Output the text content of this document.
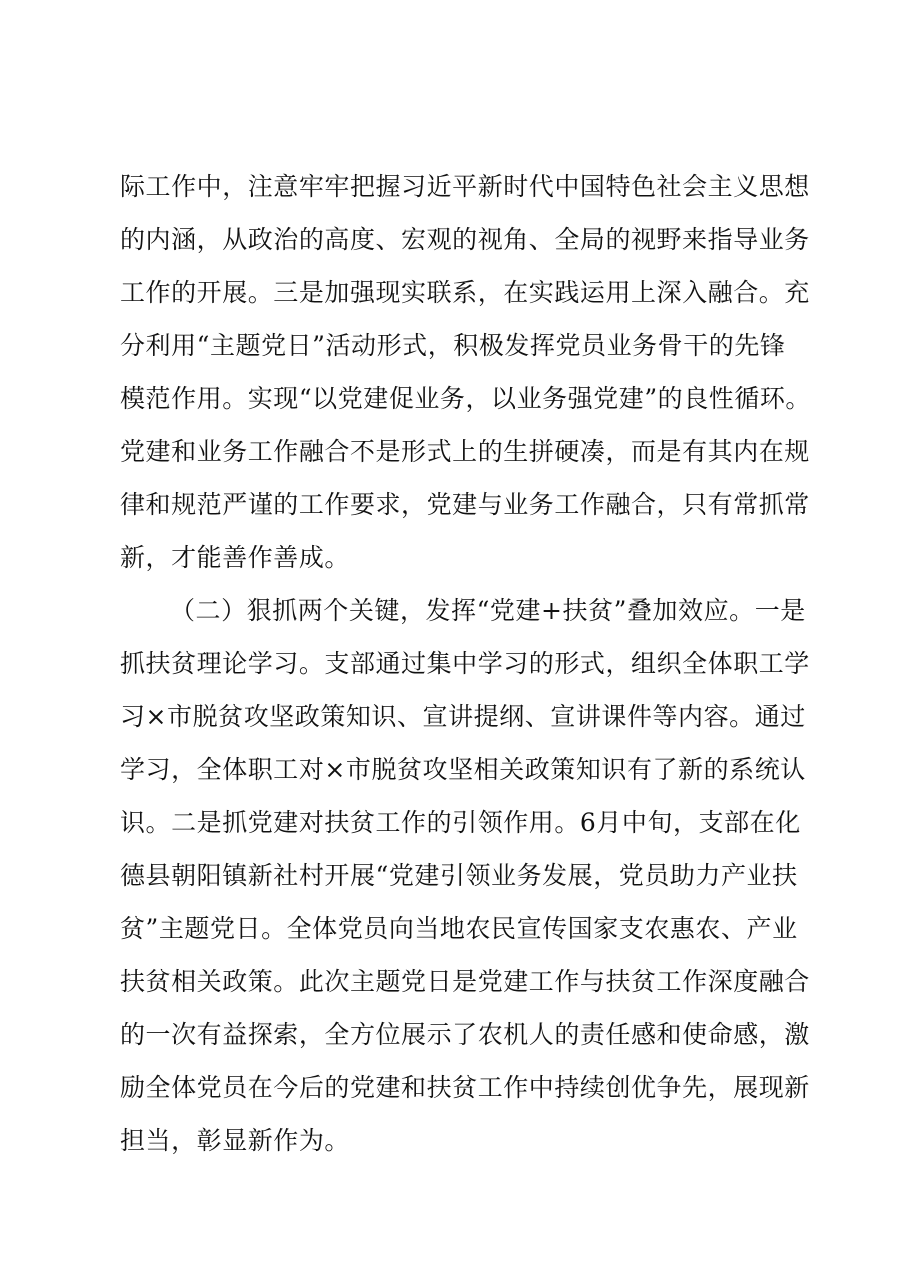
际工作中，注意牢牢把握习近平新时代中国特色社会主义思想
的内涵，从政治的高度、宏观的视角、全局的视野来指导业务
工作的开展。三是加强现实联系，在实践运用上深入融合。充
分利用“主题党日”活动形式，积极发挥党员业务骨干的先锋
模范作用。实现“以党建促业务，以业务强党建”的良性循环。
党建和业务工作融合不是形式上的生拼硬凑，而是有其内在规
律和规范严谨的工作要求，党建与业务工作融合，只有常抓常
新，才能善作善成。
（二）狠抓两个关键，发挥“党建+扶贫”叠加效应。一是
抓扶贫理论学习。支部通过集中学习的形式，组织全体职工学
习×市脱贫攻坚政策知识、宣讲提纲、宣讲课件等内容。通过
学习，全体职工对×市脱贫攻坚相关政策知识有了新的系统认
识。二是抓党建对扶贫工作的引领作用。6月中旬，支部在化
德县朝阳镇新社村开展“党建引领业务发展，党员助力产业扶
贫”主题党日。全体党员向当地农民宣传国家支农惠农、产业
扶贫相关政策。此次主题党日是党建工作与扶贫工作深度融合
的一次有益探索，全方位展示了农机人的责任感和使命感，激
励全体党员在今后的党建和扶贫工作中持续创优争先，展现新
担当，彰显新作为。
